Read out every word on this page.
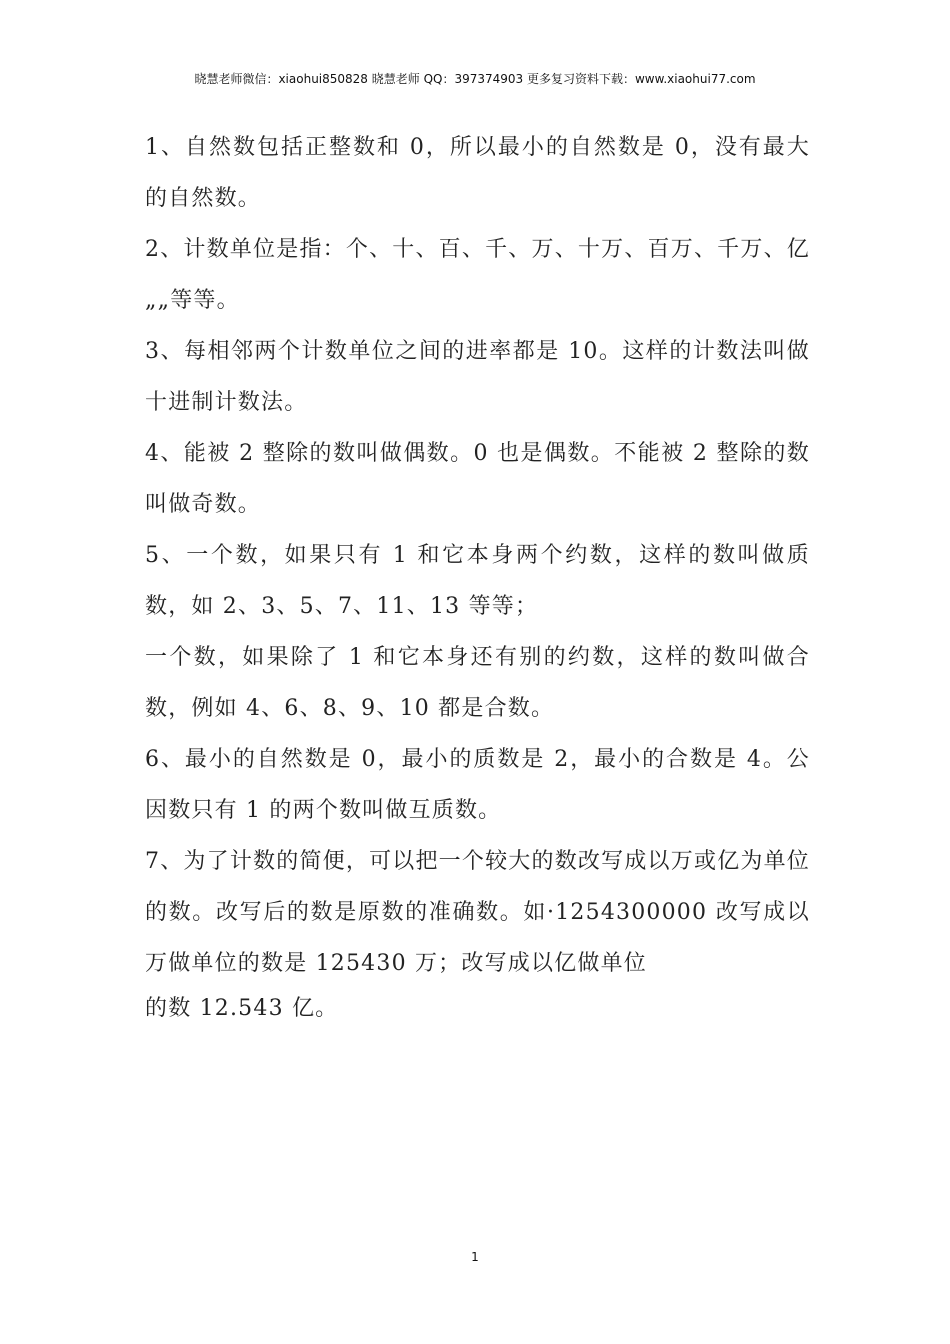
晓慧老师微信：xiaohui850828 晓慧老师 QQ：397374903 更多复习资料下载：www.xiaohui77.com

1、自然数包括正整数和 0，所以最小的自然数是 0，没有最大的自然数。

2、计数单位是指：个、十、百、千、万、十万、百万、千万、亿„„等等。

3、每相邻两个计数单位之间的进率都是 10。这样的计数法叫做十进制计数法。

4、能被 2 整除的数叫做偶数。0 也是偶数。不能被 2 整除的数叫做奇数。

5、一个数，如果只有 1 和它本身两个约数，这样的数叫做质数，如 2、3、5、7、11、13 等等；

一个数，如果除了 1 和它本身还有别的约数，这样的数叫做合数，例如 4、6、8、9、10 都是合数。

6、最小的自然数是 0，最小的质数是 2，最小的合数是 4。公因数只有 1 的两个数叫做互质数。

7、为了计数的简便，可以把一个较大的数改写成以万或亿为单位的数。改写后的数是原数的准确数。如·1254300000 改写成以万做单位的数是 125430 万；改写成以亿做单位

的数 12.543 亿。

1
